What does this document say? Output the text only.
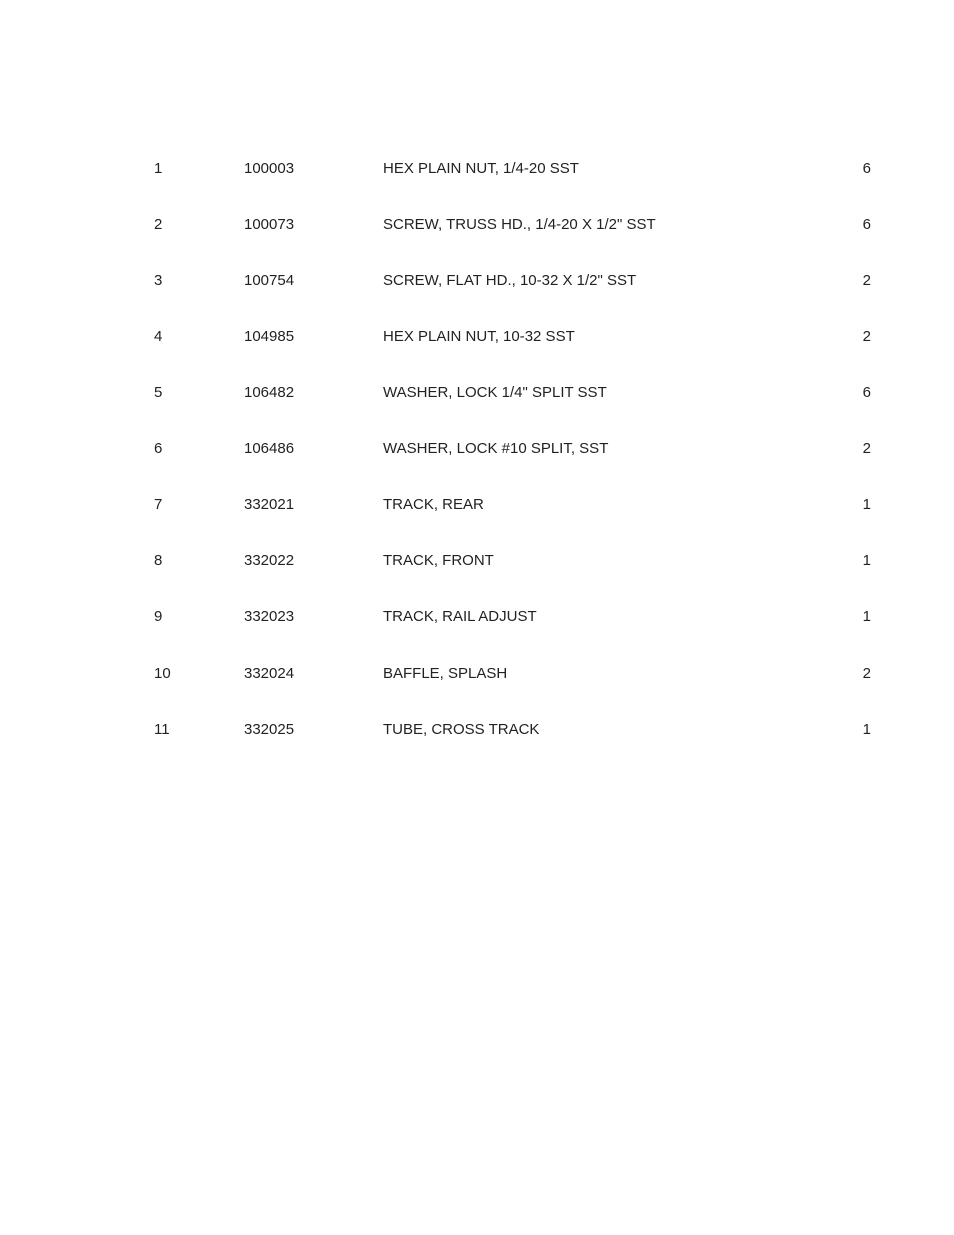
1	100003	HEX PLAIN NUT, 1/4-20 SST	6
2	100073	SCREW, TRUSS HD., 1/4-20 X 1/2" SST	6
3	100754	SCREW, FLAT HD., 10-32 X 1/2" SST	2
4	104985	HEX PLAIN NUT, 10-32 SST	2
5	106482	WASHER, LOCK 1/4" SPLIT SST	6
6	106486	WASHER, LOCK #10 SPLIT, SST	2
7	332021	TRACK, REAR	1
8	332022	TRACK, FRONT	1
9	332023	TRACK, RAIL ADJUST	1
10	332024	BAFFLE, SPLASH	2
11	332025	TUBE, CROSS TRACK	1
